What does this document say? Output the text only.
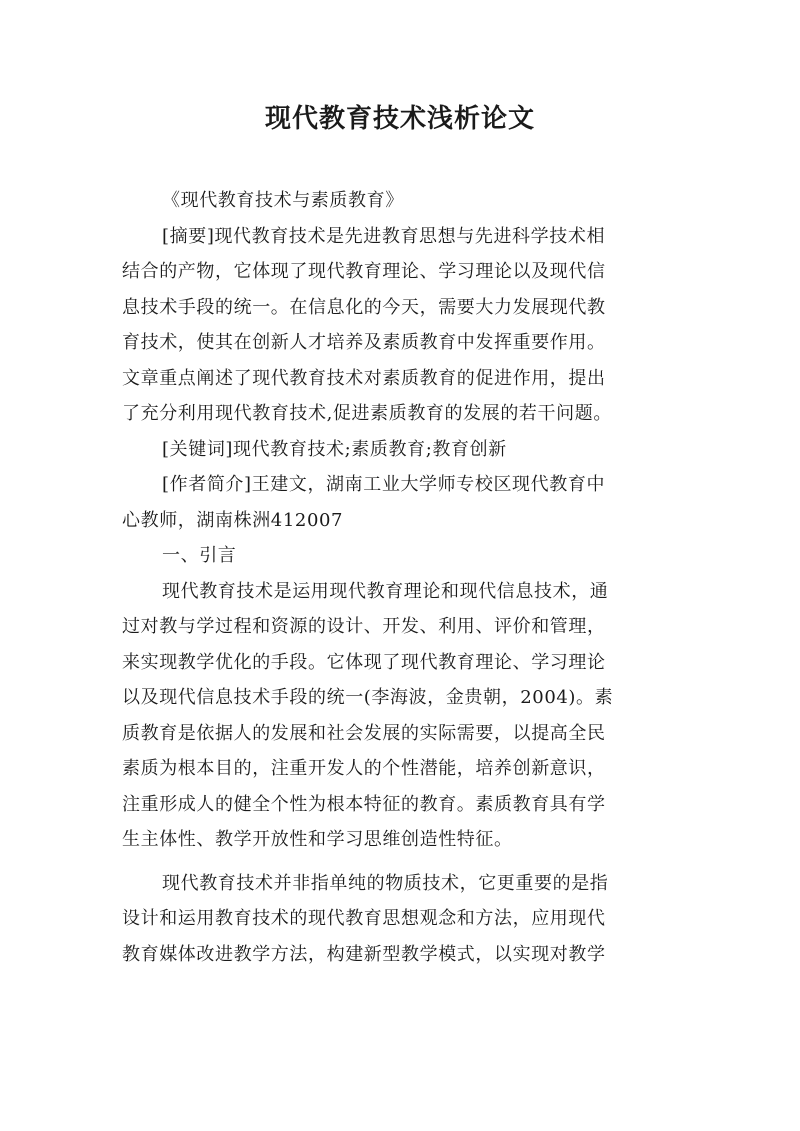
现代教育技术浅析论文

《现代教育技术与素质教育》

[摘要]现代教育技术是先进教育思想与先进科学技术相

结合的产物，它体现了现代教育理论、学习理论以及现代信

息技术手段的统一。在信息化的今天，需要大力发展现代教

育技术，使其在创新人才培养及素质教育中发挥重要作用。

文章重点阐述了现代教育技术对素质教育的促进作用，提出

了充分利用现代教育技术,促进素质教育的发展的若干问题。

[关键词]现代教育技术;素质教育;教育创新

[作者简介]王建文，湖南工业大学师专校区现代教育中

心教师，湖南株洲412007

一、引言

现代教育技术是运用现代教育理论和现代信息技术，通

过对教与学过程和资源的设计、开发、利用、评价和管理，

来实现教学优化的手段。它体现了现代教育理论、学习理论

以及现代信息技术手段的统一(李海波，金贵朝，2004)。素

质教育是依据人的发展和社会发展的实际需要，以提高全民

素质为根本目的，注重开发人的个性潜能，培养创新意识，

注重形成人的健全个性为根本特征的教育。素质教育具有学

生主体性、教学开放性和学习思维创造性特征。

现代教育技术并非指单纯的物质技术，它更重要的是指

设计和运用教育技术的现代教育思想观念和方法，应用现代

教育媒体改进教学方法，构建新型教学模式，以实现对教学
